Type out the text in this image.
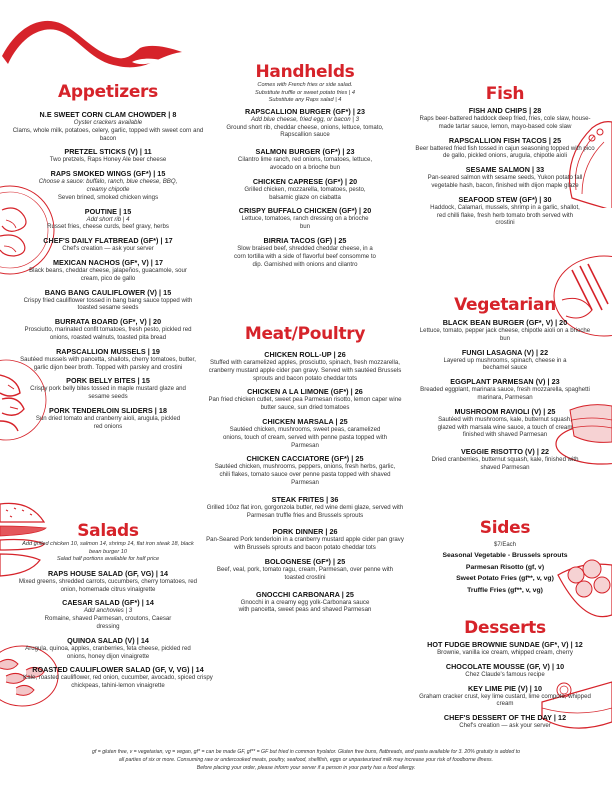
Appetizers
N.E SWEET CORN CLAM CHOWDER | 8
Oyster crackers available
Clams, whole milk, potatoes, celery, garlic, topped with sweet corn and bacon
PRETZEL STICKS (V) | 11
Two pretzels, Raps Honey Ale beer cheese
RAPS SMOKED WINGS (GF*) | 15
Choose a sauce: buffalo, ranch, blue cheese, BBQ, creamy chipotle
Seven brined, smoked chicken wings
POUTINE | 15
Add short rib | 4
Russet fries, cheese curds, beef gravy, herbs
CHEF'S DAILY FLATBREAD (GF*) | 17
Chef's creation — ask your server
MEXICAN NACHOS (GF*, V) | 17
Black beans, cheddar cheese, jalapeños, guacamole, sour cream, pico de gallo
BANG BANG CAULIFLOWER (V) | 15
Crispy fried cauliflower tossed in bang bang sauce topped with toasted sesame seeds
BURRATA BOARD (GF*, V) | 20
Prosciutto, marinated confit tomatoes, fresh pesto, pickled red onions, roasted walnuts, toasted pita bread
RAPSCALLION MUSSELS | 19
Sautéed mussels with pancetta, shallots, cherry tomatoes, butter, garlic dijon beer broth. Topped with parsley and crostini
PORK BELLY BITES | 15
Crispy pork belly bites tossed in maple mustard glaze and sesame seeds
PORK TENDERLOIN SLIDERS | 18
Sun dried tomato and cranberry aioli, arugula, pickled red onions
Salads
Add grilled chicken 10, salmon 14, shrimp 14, flat iron steak 18, black bean burger 10
Salad half portions available for half price
RAPS HOUSE SALAD (GF, VG) | 14
Mixed greens, shredded carrots, cucumbers, cherry tomatoes, red onion, homemade citrus vinaigrette
CAESAR SALAD (GF*) | 14
Add anchovies | 3
Romaine, shaved Parmesan, croutons, Caesar dressing
QUINOA SALAD (V) | 14
Arugula, quinoa, apples, cranberries, feta cheese, pickled red onions, honey dijon vinaigrette
ROASTED CAULIFLOWER SALAD (GF, V, VG) | 14
Kale, roasted cauliflower, red onion, cucumber, avocado, spiced crispy chickpeas, tahini-lemon vinaigrette
Handhelds
Comes with French fries or side salad.
Substitute truffle or sweet potato fries | 4
Substitute any Raps salad | 4
RAPSCALLION BURGER (GF*) | 23
Add blue cheese, fried egg, or bacon | 3
Ground short rib, cheddar cheese, onions, lettuce, tomato, Rapscallion sauce
SALMON BURGER (GF*) | 23
Cilantro lime ranch, red onions, tomatoes, lettuce, avocado on a brioche bun
CHICKEN CAPRESE (GF*) | 20
Grilled chicken, mozzarella, tomatoes, pesto, balsamic glaze on ciabatta
CRISPY BUFFALO CHICKEN (GF*) | 20
Lettuce, tomatoes, ranch dressing on a brioche bun
BIRRIA TACOS (GF) | 25
Slow braised beef, shredded cheddar cheese, in a corn tortilla with a side of flavorful beef consomme to dip. Garnished with onions and cilantro
Meat/Poultry
CHICKEN ROLL-UP | 26
Stuffed with caramelized apples, prosciutto, spinach, fresh mozzarella, cranberry mustard apple cider pan gravy. Served with sautéed Brussels sprouts and bacon potato cheddar tots
CHICKEN A LA LIMONE (GF*) | 26
Pan fried chicken cutlet, sweet pea Parmesan risotto, lemon caper wine butter sauce, sun dried tomatoes
CHICKEN MARSALA | 25
Sautéed chicken, mushrooms, sweet peas, caramelized onions, touch of cream, served with penne pasta topped with Parmesan
CHICKEN CACCIATORE (GF*) | 25
Sautéed chicken, mushrooms, peppers, onions, fresh herbs, garlic, chili flakes, tomato sauce over penne pasta topped with shaved Parmesan
STEAK FRITES | 36
Grilled 10oz flat iron, gorgonzola butter, red wine demi glaze, served with Parmesan truffle fries and Brussels sprouts
PORK DINNER | 26
Pan-Seared Pork tenderloin in a cranberry mustard apple cider pan gravy with Brussels sprouts and bacon potato cheddar tots
BOLOGNESE (GF*) | 25
Beef, veal, pork, tomato ragu, cream, Parmesan, over penne with toasted crostini
GNOCCHI CARBONARA | 25
Gnocchi in a creamy egg yolk-Carbonara sauce with pancetta, sweet peas and shaved Parmesan
Fish
FISH AND CHIPS | 28
Raps beer-battered haddock deep fried, fries, cole slaw, house-made tartar sauce, lemon, mayo-based cole slaw
RAPSCALLION FISH TACOS | 25
Beer battered fried fish tossed in cajun seasoning topped with pico de gallo, pickled onions, arugula, chipotle aioli
SESAME SALMON | 33
Pan-seared salmon with sesame seeds, Yukon potato fall vegetable hash, bacon, finished with dijon maple glaze
SEAFOOD STEW (GF*) | 30
Haddock, Calamari, mussels, shrimp in a garlic, shallot, red chilli flake, fresh herb tomato broth served with crostini
Vegetarian
BLACK BEAN BURGER (GF*, V) | 20
Lettuce, tomato, pepper jack cheese, chipotle aioli on a brioche bun
FUNGI LASAGNA (V) | 22
Layered up mushrooms, spinach, cheese in a bechamel sauce
EGGPLANT PARMESAN (V) | 23
Breaded eggplant, marinara sauce, fresh mozzarella, spaghetti marinara, Parmesan
MUSHROOM RAVIOLI (V) | 25
Sautéed with mushrooms, kale, butternut squash, glazed with marsala wine sauce, a touch of cream finished with shaved Parmesan
VEGGIE RISOTTO (V) | 22
Dried cranberries, butternut squash, kale, finished with shaved Parmesan
Sides
$7/Each
Seasonal Vegetable - Brussels sprouts
Parmesan Risotto (gf, v)
Sweet Potato Fries (gf**, v, vg)
Truffle Fries (gf**, v, vg)
Desserts
HOT FUDGE BROWNIE SUNDAE (GF*, V) | 12
Brownie, vanilla ice cream, whipped cream, cherry
CHOCOLATE MOUSSE (GF, V) | 10
Chez Claude's famous recipe
KEY LIME PIE (V) | 10
Graham cracker crust, key lime custard, lime compote, whipped cream
CHEF'S DESSERT OF THE DAY | 12
Chef's creation — ask your server
gf = gluten free, v = vegetarian, vg = vegan, gf* = can be made GF, gf** = GF but fried in common fryolator. Gluten free buns, flatbreads, and pasta available for 3. 20% gratuity is added to
all parties of six or more. Consuming raw or undercooked meats, poultry, seafood, shellfish, eggs or unpasteurized milk may increase your risk of foodborne illness.
Before placing your order, please inform your server if a person in your party has a food allergy.
